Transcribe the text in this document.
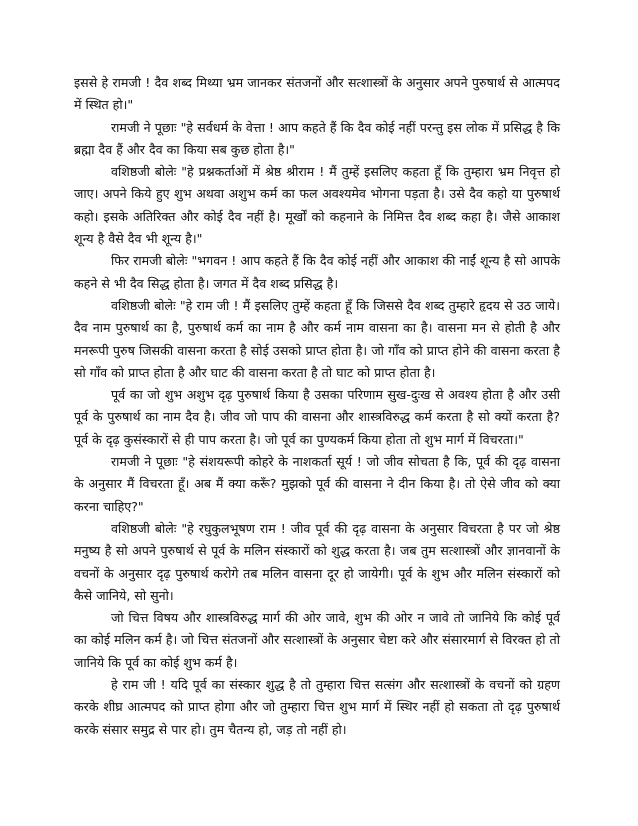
इससे हे रामजी ! दैव शब्द मिथ्या भ्रम जानकर संतजनों और सत्शास्त्रों के अनुसार अपने पुरुषार्थ से आत्मपद में स्थित हो।"

रामजी ने पूछाः "हे सर्वधर्म के वेत्ता ! आप कहते हैं कि दैव कोई नहीं परन्तु इस लोक में प्रसिद्ध है कि ब्रह्मा दैव हैं और दैव का किया सब कुछ होता है।"

वशिष्ठजी बोलेः "हे प्रश्नकर्ताओं में श्रेष्ठ श्रीराम ! मैं तुम्हें इसलिए कहता हूँ कि तुम्हारा भ्रम निवृत्त हो जाए। अपने किये हुए शुभ अथवा अशुभ कर्म का फल अवश्यमेव भोगना पड़ता है। उसे दैव कहो या पुरुषार्थ कहो। इसके अतिरिक्त और कोई दैव नहीं है। मूर्खों को कहनाने के निमित्त दैव शब्द कहा है। जैसे आकाश शून्य है वैसे दैव भी शून्य है।"

फिर रामजी बोलेः "भगवन ! आप कहते हैं कि दैव कोई नहीं और आकाश की नाईं शून्य है सो आपके कहने से भी दैव सिद्ध होता है। जगत में दैव शब्द प्रसिद्ध है।

वशिष्ठजी बोलेः "हे राम जी ! मैं इसलिए तुम्हें कहता हूँ कि जिससे दैव शब्द तुम्हारे हृदय से उठ जाये। दैव नाम पुरुषार्थ का है, पुरुषार्थ कर्म का नाम है और कर्म नाम वासना का है। वासना मन से होती है और मनरूपी पुरुष जिसकी वासना करता है सोई उसको प्राप्त होता है। जो गाँव को प्राप्त होने की वासना करता है सो गाँव को प्राप्त होता है और घाट की वासना करता है तो घाट को प्राप्त होता है।

पूर्व का जो शुभ अशुभ दृढ़ पुरुषार्थ किया है उसका परिणाम सुख-दुःख से अवश्य होता है और उसी पूर्व के पुरुषार्थ का नाम दैव है। जीव जो पाप की वासना और शास्त्रविरुद्ध कर्म करता है सो क्यों करता है? पूर्व के दृढ़ कुसंस्कारों से ही पाप करता है। जो पूर्व का पुण्यकर्म किया होता तो शुभ मार्ग में विचरता।"

रामजी ने पूछाः "हे संशयरूपी कोहरे के नाशकर्ता सूर्य ! जो जीव सोचता है कि, पूर्व की दृढ़ वासना के अनुसार मैं विचरता हूँ। अब मैं क्या करूँ? मुझको पूर्व की वासना ने दीन किया है। तो ऐसे जीव को क्या करना चाहिए?"

वशिष्ठजी बोलेः "हे रघुकुलभूषण राम ! जीव पूर्व की दृढ़ वासना के अनुसार विचरता है पर जो श्रेष्ठ मनुष्य है सो अपने पुरुषार्थ से पूर्व के मलिन संस्कारों को शुद्ध करता है। जब तुम सत्शास्त्रों और ज्ञानवानों के वचनों के अनुसार दृढ़ पुरुषार्थ करोगे तब मलिन वासना दूर हो जायेगी। पूर्व के शुभ और मलिन संस्कारों को कैसे जानिये, सो सुनो।

जो चित्त विषय और शास्त्रविरुद्ध मार्ग की ओर जावे, शुभ की ओर न जावे तो जानिये कि कोई पूर्व का कोई मलिन कर्म है। जो चित्त संतजनों और सत्शास्त्रों के अनुसार चेष्टा करे और संसारमार्ग से विरक्त हो तो जानिये कि पूर्व का कोई शुभ कर्म है।

हे राम जी ! यदि पूर्व का संस्कार शुद्ध है तो तुम्हारा चित्त सत्संग और सत्शास्त्रों के वचनों को ग्रहण करके शीघ्र आत्मपद को प्राप्त होगा और जो तुम्हारा चित्त शुभ मार्ग में स्थिर नहीं हो सकता तो दृढ़ पुरुषार्थ करके संसार समुद्र से पार हो। तुम चैतन्य हो, जड़ तो नहीं हो।
